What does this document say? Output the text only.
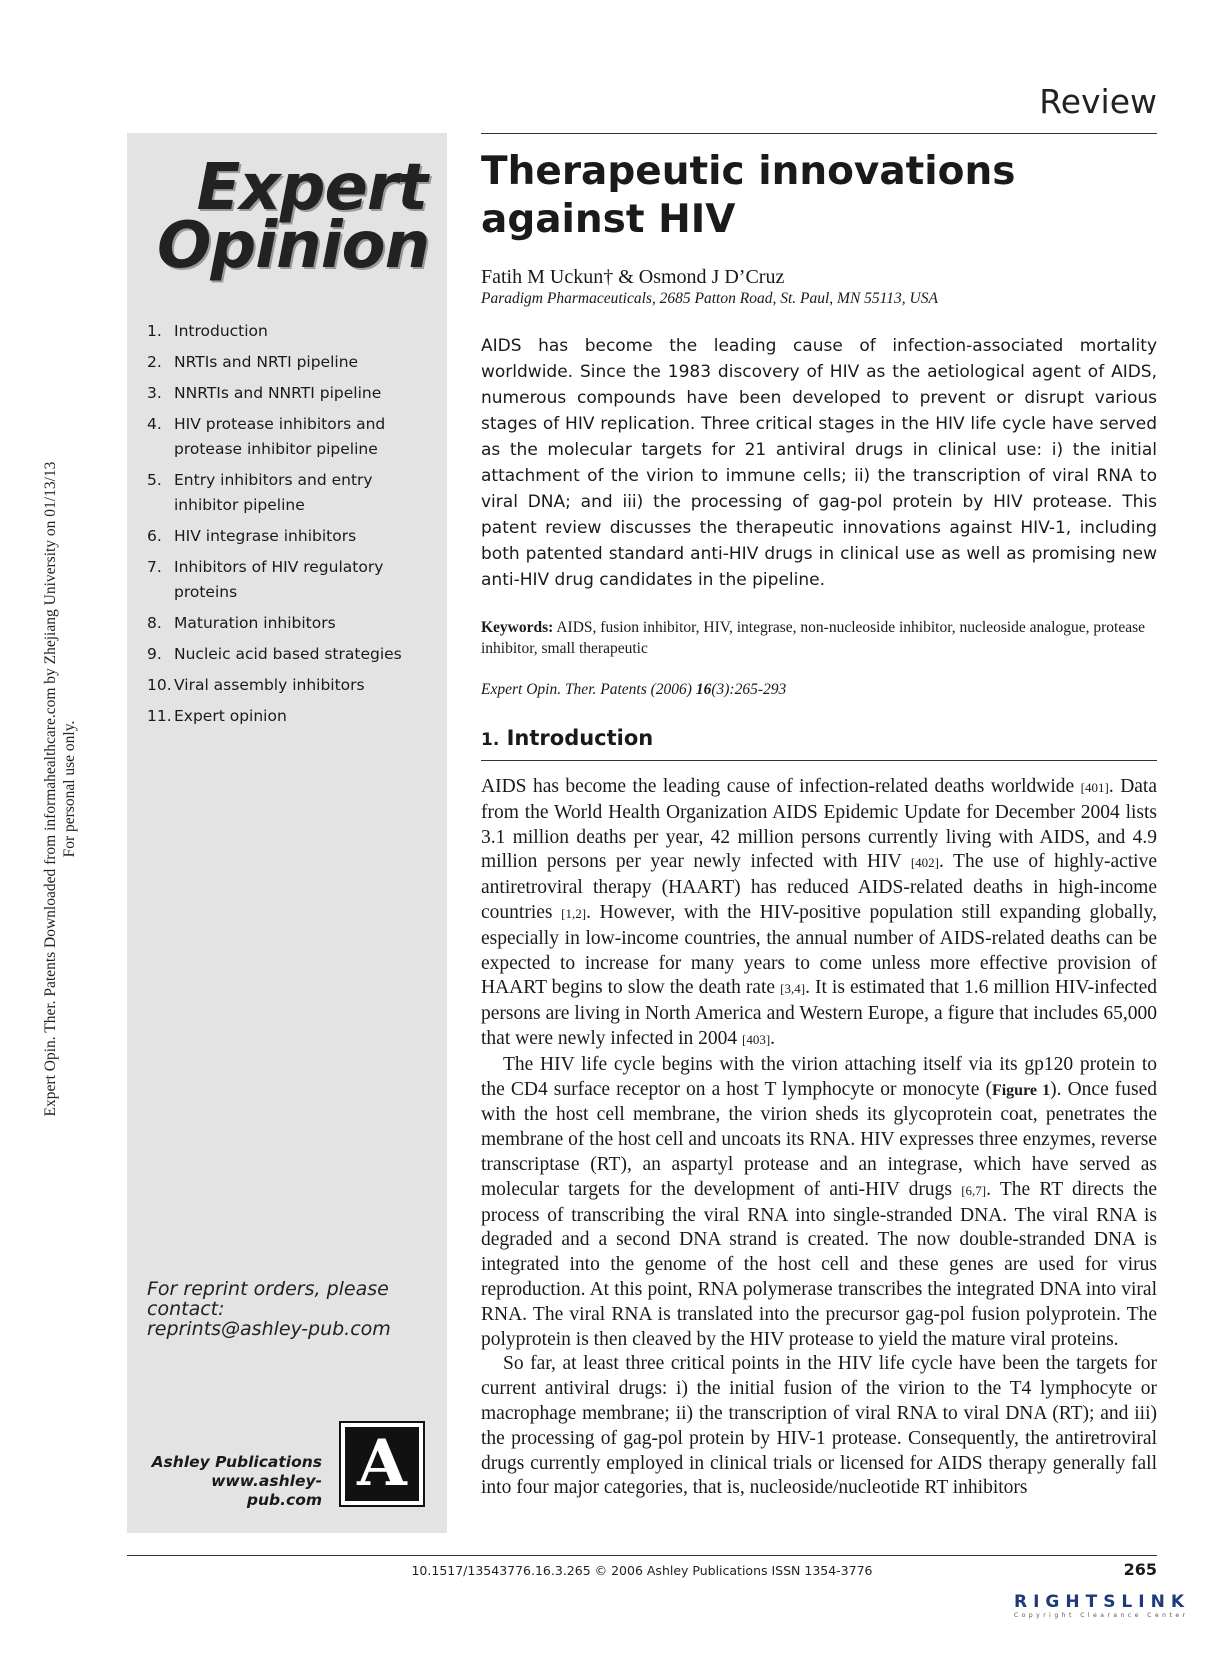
Expert Opin. Ther. Patents Downloaded from informahealthcare.com by Zhejiang University on 01/13/13 For personal use only.
Review
Expert
Opinion
1. Introduction
2. NRTIs and NRTI pipeline
3. NNRTIs and NNRTI pipeline
4. HIV protease inhibitors and protease inhibitor pipeline
5. Entry inhibitors and entry inhibitor pipeline
6. HIV integrase inhibitors
7. Inhibitors of HIV regulatory proteins
8. Maturation inhibitors
9. Nucleic acid based strategies
10. Viral assembly inhibitors
11. Expert opinion
For reprint orders, please
contact:
reprints@ashley-pub.com
Ashley Publications
www.ashley-pub.com A
Therapeutic innovations against HIV
Fatih M Uckun† & Osmond J D’Cruz
Paradigm Pharmaceuticals, 2685 Patton Road, St. Paul, MN 55113, USA

AIDS has become the leading cause of infection-associated mortality worldwide. Since the 1983 discovery of HIV as the aetiological agent of AIDS, numerous compounds have been developed to prevent or disrupt various stages of HIV replication. Three critical stages in the HIV life cycle have served as the molecular targets for 21 antiviral drugs in clinical use: i) the initial attachment of the virion to immune cells; ii) the transcription of viral RNA to viral DNA; and iii) the processing of gag-pol protein by HIV protease. This patent review discusses the therapeutic innovations against HIV-1, including both patented standard anti-HIV drugs in clinical use as well as promising new anti-HIV drug candidates in the pipeline.

Keywords: AIDS, fusion inhibitor, HIV, integrase, non-nucleoside inhibitor, nucleoside analogue, protease inhibitor, small therapeutic
Expert Opin. Ther. Patents (2006) 16(3):265-293
1. Introduction

AIDS has become the leading cause of infection-related deaths worldwide [401]. Data from the World Health Organization AIDS Epidemic Update for December 2004 lists 3.1 million deaths per year, 42 million persons currently living with AIDS, and 4.9 million persons per year newly infected with HIV [402]. The use of highly-active antiretroviral therapy (HAART) has reduced AIDS-related deaths in high-income countries [1,2]. However, with the HIV-positive population still expanding globally, especially in low-income countries, the annual number of AIDS-related deaths can be expected to increase for many years to come unless more effective provision of HAART begins to slow the death rate [3,4]. It is estimated that 1.6 million HIV-infected persons are living in North America and Western Europe, a figure that includes 65,000 that were newly infected in 2004 [403].

The HIV life cycle begins with the virion attaching itself via its gp120 protein to the CD4 surface receptor on a host T lymphocyte or monocyte (Figure 1). Once fused with the host cell membrane, the virion sheds its glycoprotein coat, penetrates the membrane of the host cell and uncoats its RNA. HIV expresses three enzymes, reverse transcriptase (RT), an aspartyl protease and an integrase, which have served as molecular targets for the development of anti-HIV drugs [6,7]. The RT directs the process of transcribing the viral RNA into single-stranded DNA. The viral RNA is degraded and a second DNA strand is created. The now double-stranded DNA is integrated into the genome of the host cell and these genes are used for virus reproduction. At this point, RNA polymerase transcribes the integrated DNA into viral RNA. The viral RNA is translated into the precursor gag-pol fusion polyprotein. The polyprotein is then cleaved by the HIV protease to yield the mature viral proteins.

So far, at least three critical points in the HIV life cycle have been the targets for current antiviral drugs: i) the initial fusion of the virion to the T4 lymphocyte or macrophage membrane; ii) the transcription of viral RNA to viral DNA (RT); and iii) the processing of gag-pol protein by HIV-1 protease. Consequently, the antiretroviral drugs currently employed in clinical trials or licensed for AIDS therapy generally fall into four major categories, that is, nucleoside/nucleotide RT inhibitors

10.1517/13543776.16.3.265 © 2006 Ashley Publications ISSN 1354-3776	265
RIGHTSLINK
Copyright Clearance Center
